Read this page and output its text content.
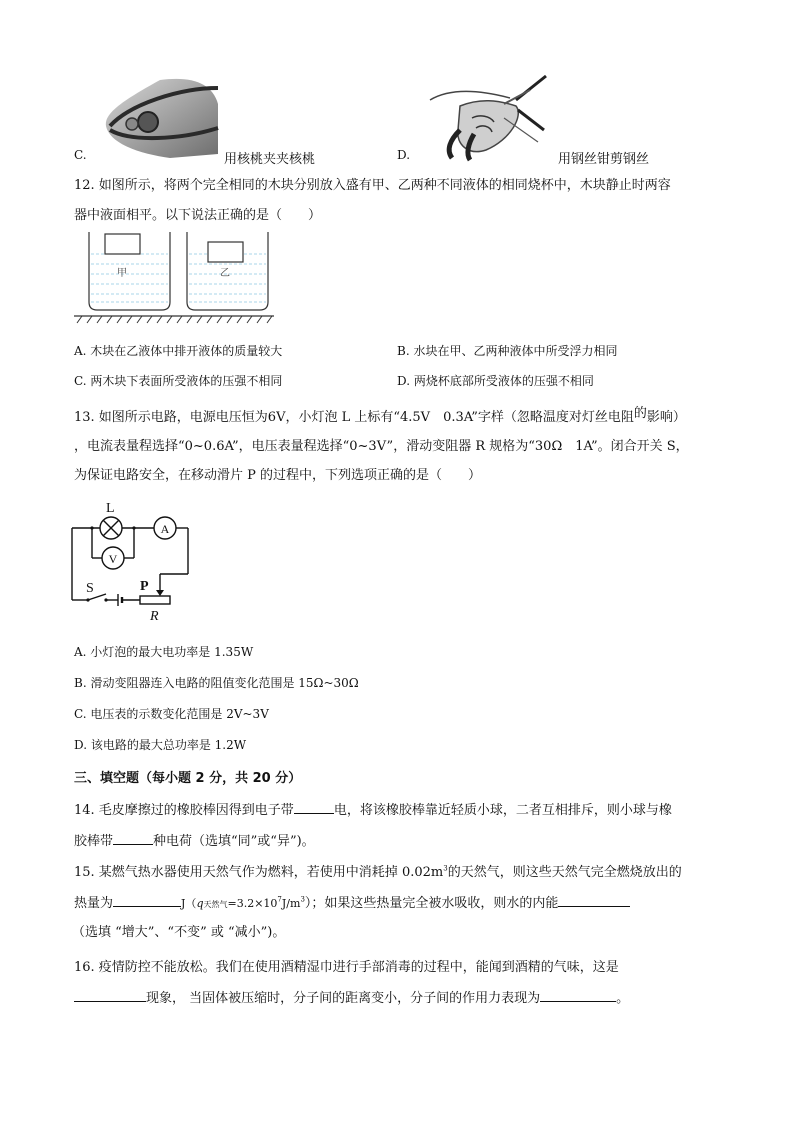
C.	用核桃夹夹核桃	D.	用钢丝钳剪钢丝
12. 如图所示，将两个完全相同的木块分别放入盛有甲、乙两种不同液体的相同烧杯中，木块静止时两容
器中液面相平。以下说法正确的是（　　）
甲	乙
A. 木块在乙液体中排开液体的质量较大	B. 水块在甲、乙两种液体中所受浮力相同
C. 两木块下表面所受液体的压强不相同	D. 两烧杯底部所受液体的压强不相同
13. 如图所示电路，电源电压恒为6V，小灯泡 L 上标有“4.5V　0.3A”字样（忽略温度对灯丝电阻的影响）
，电流表量程选择“0~0.6A”，电压表量程选择“0~3V”，滑动变阻器 R 规格为“30Ω　1A”。闭合开关 S，
为保证电路安全，在移动滑片 P 的过程中，下列选项正确的是（　　）
L
A
V
S	P
R
A. 小灯泡的最大电功率是 1.35W
B. 滑动变阻器连入电路的阻值变化范围是 15Ω~30Ω
C. 电压表的示数变化范围是 2V~3V
D. 该电路的最大总功率是 1.2W
三、填空题（每小题 2 分，共 20 分）
14. 毛皮摩擦过的橡胶棒因得到电子带	电，将该橡胶棒靠近轻质小球，二者互相排斥，则小球与橡
胶棒带	种电荷（选填“同”或“异”)。
15. 某燃气热水器使用天然气作为燃料，若使用中消耗掉 $0.02m^3$的天然气，则这些天然气完全燃烧放出的
热量为	J（q天然气$=3.2\times 10^7J/m^3$）；如果这些热量完全被水吸收，则水的内能
（选填 “增大”、“不变” 或 “减小”)。
16. 疫情防控不能放松。我们在使用酒精湿巾进行手部消毒的过程中，能闻到酒精的气味，这是
现象， 当固体被压缩时，分子间的距离变小，分子间的作用力表现为	。
